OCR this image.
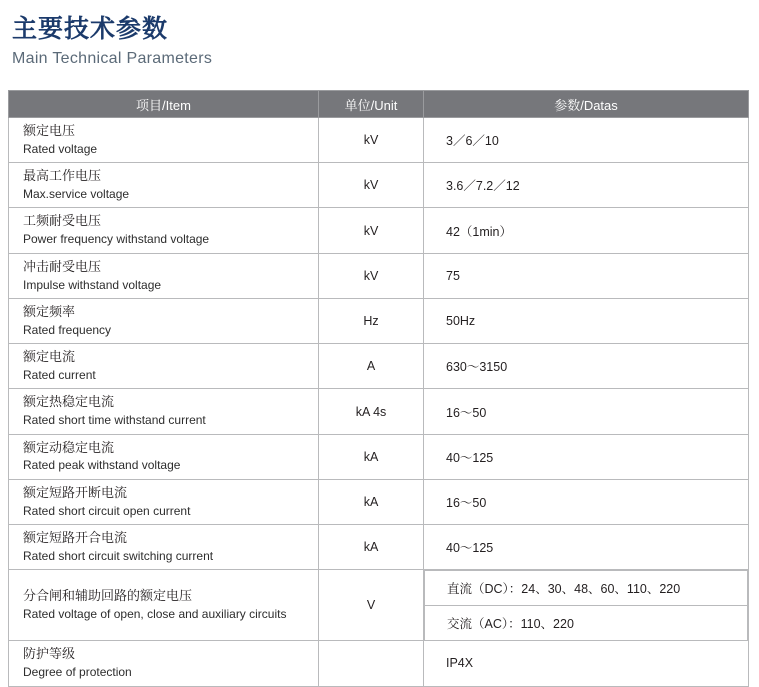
主要技术参数
Main Technical Parameters
项目/Item	单位/Unit	参数/Datas

额定电压
Rated voltage
	kV	3／6／10

最高工作电压
Max.service voltage
	kV	3.6／7.2／12

工频耐受电压
Power frequency withstand voltage
	kV	42（1min）

冲击耐受电压
Impulse withstand voltage
	kV	75

额定频率
Rated frequency
	Hz	50Hz

额定电流
Rated current
	A	630～3150

额定热稳定电流
Rated short time withstand current
	kA 4s	16～50

额定动稳定电流
Rated peak withstand voltage
	kA	40～125

额定短路开断电流
Rated short circuit open current
	kA	16～50

额定短路开合电流
Rated short circuit switching current
	kA	40～125

分合闸和辅助回路的额定电压
Rated voltage of open, close and auxiliary circuits
	V	
直流（DC）：24、30、48、60、110、220
交流（AC）：110、220

防护等级
Degree of protection
		IP4X
